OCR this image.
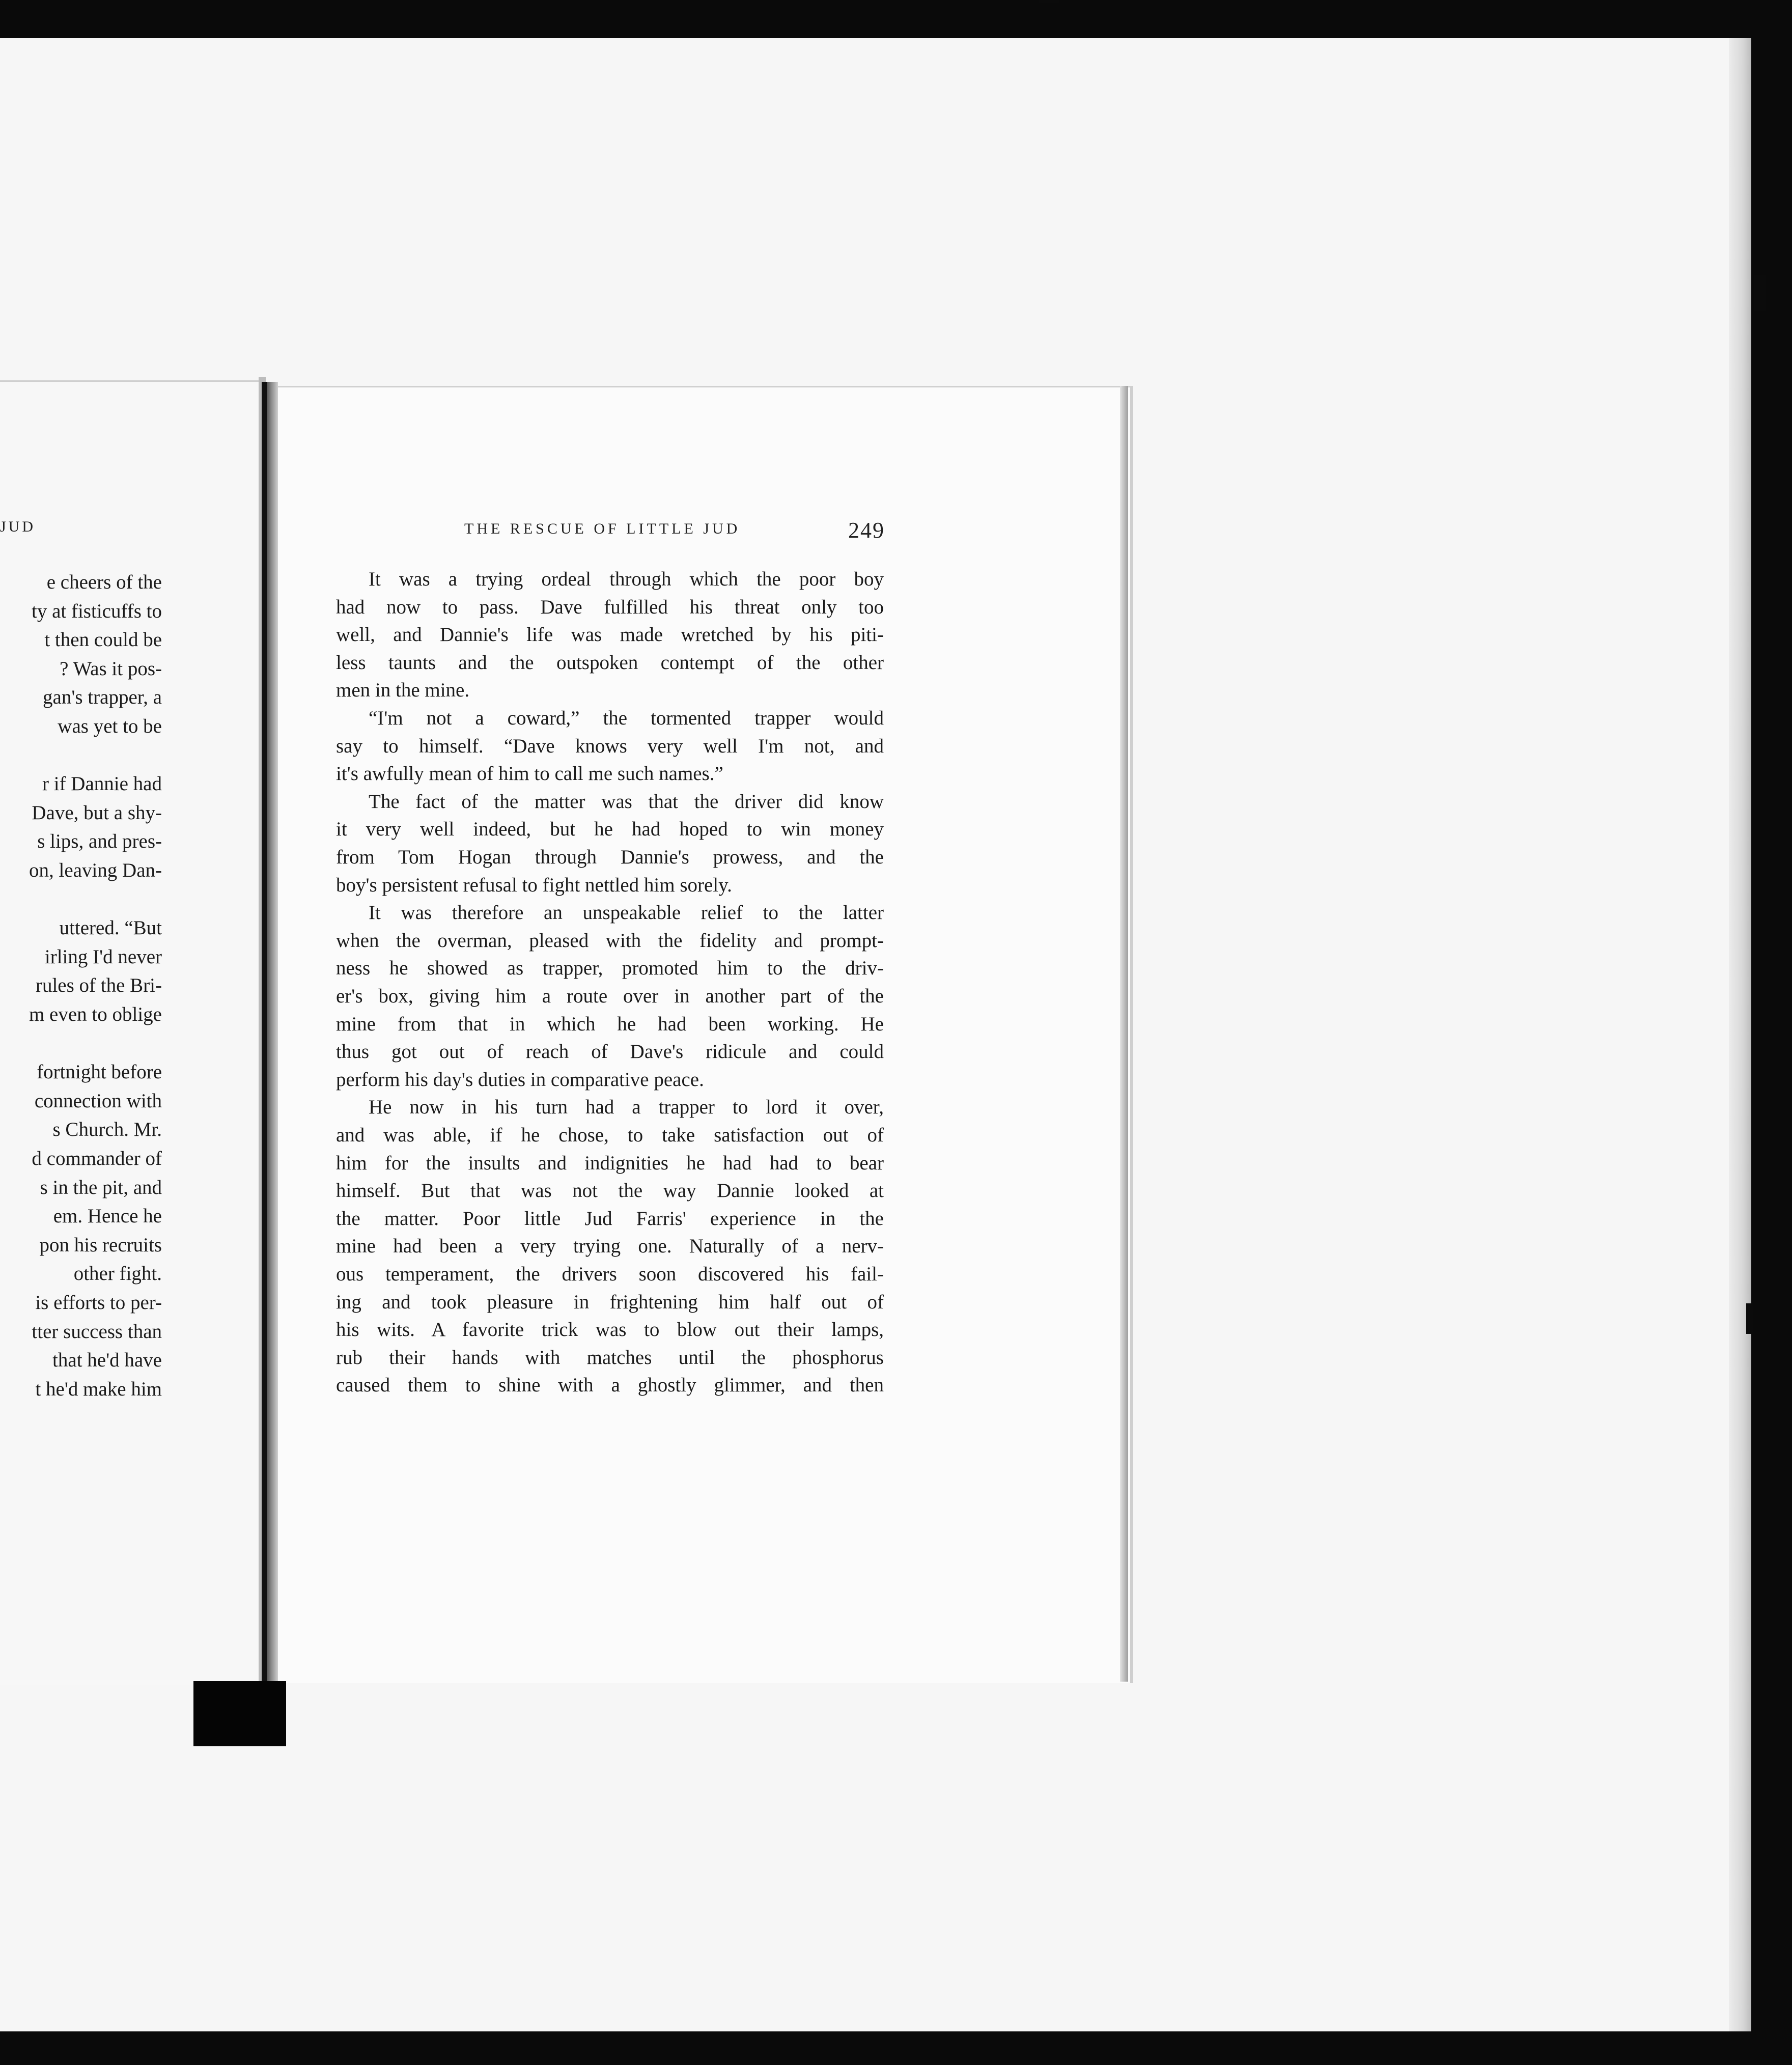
JUD
e cheers of the
ty at fisticuffs to
t then could be
? Was it pos-
gan's trapper, a
was yet to be
r if Dannie had
Dave, but a shy-
s lips, and pres-
on, leaving Dan-
uttered. “But
irling I'd never
rules of the Bri-
m even to oblige
fortnight before
connection with
s Church. Mr.
d commander of
s in the pit, and
em. Hence he
pon his recruits
other fight.
is efforts to per-
tter success than
that he'd have
t he'd make him
THE RESCUE OF LITTLE JUD	249
It was a trying ordeal through which the poor boy
had now to pass. Dave fulfilled his threat only too
well, and Dannie's life was made wretched by his piti-
less taunts and the outspoken contempt of the other
men in the mine.
“I'm not a coward,” the tormented trapper would
say to himself. “Dave knows very well I'm not, and
it's awfully mean of him to call me such names.”
The fact of the matter was that the driver did know
it very well indeed, but he had hoped to win money
from Tom Hogan through Dannie's prowess, and the
boy's persistent refusal to fight nettled him sorely.
It was therefore an unspeakable relief to the latter
when the overman, pleased with the fidelity and prompt-
ness he showed as trapper, promoted him to the driv-
er's box, giving him a route over in another part of the
mine from that in which he had been working. He
thus got out of reach of Dave's ridicule and could
perform his day's duties in comparative peace.
He now in his turn had a trapper to lord it over,
and was able, if he chose, to take satisfaction out of
him for the insults and indignities he had had to bear
himself. But that was not the way Dannie looked at
the matter. Poor little Jud Farris' experience in the
mine had been a very trying one. Naturally of a nerv-
ous temperament, the drivers soon discovered his fail-
ing and took pleasure in frightening him half out of
his wits. A favorite trick was to blow out their lamps,
rub their hands with matches until the phosphorus
caused them to shine with a ghostly glimmer, and then
